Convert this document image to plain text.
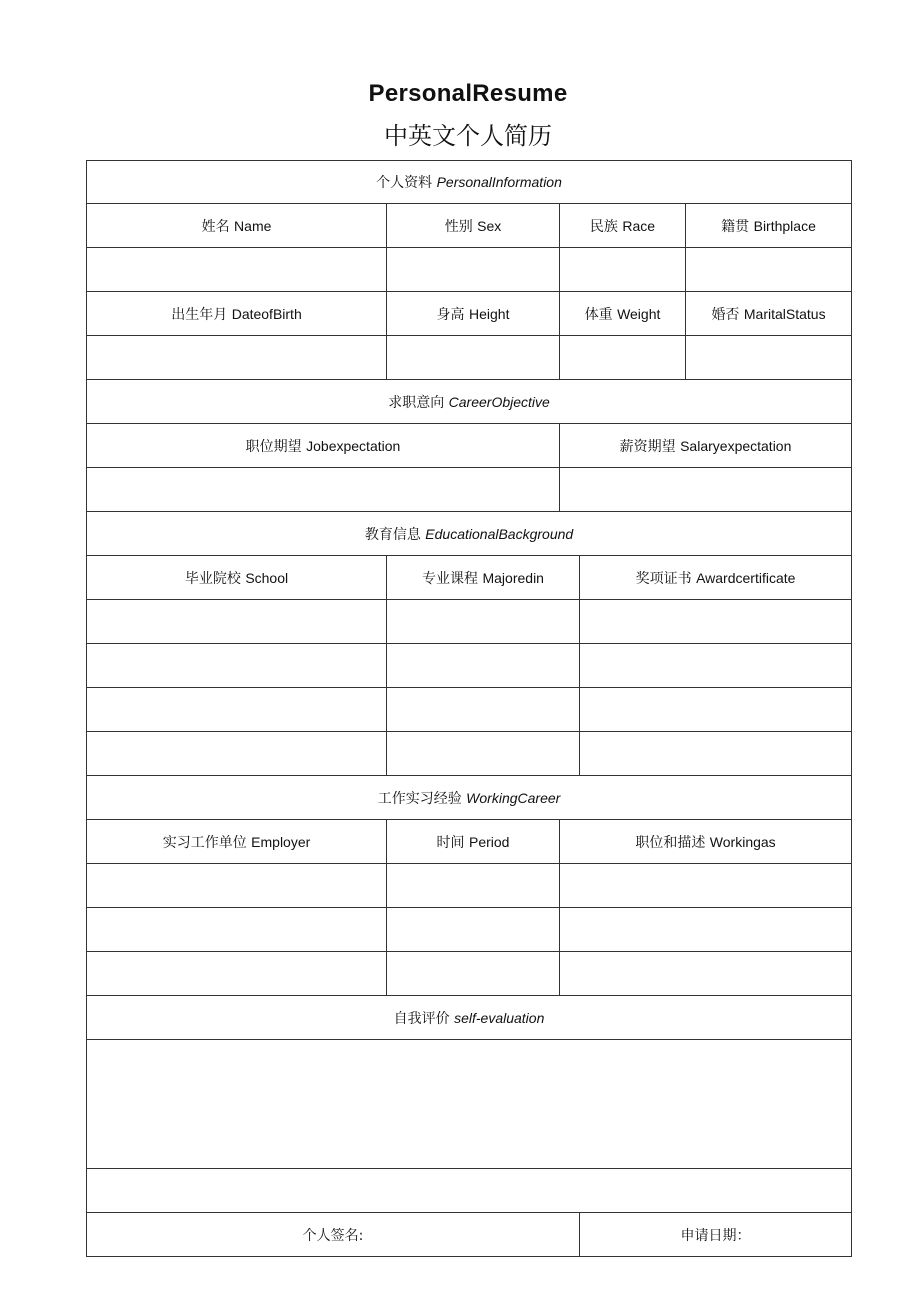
PersonalResume
中英文个人简历
个人资料 PersonalInformation				
姓名 Name	性别 Sex	民族 Race		籍贯 Birthplace

出生年月 DateofBirth	身高 Height	体重 Weight		婚否 MaritalStatus

求职意向 CareerObjective				
职位期望 Jobexpectation		薪资期望 Salaryexpectation		

教育信息 EducationalBackground				
毕业院校 School	专业课程 Majoredin		奖项证书 Awardcertificate	

工作实习经验 WorkingCareer				
实习工作单位 Employer	时间 Period	职位和描述 Workingas		

自我评价 self-evaluation				

个人签名:			申请日期：	
